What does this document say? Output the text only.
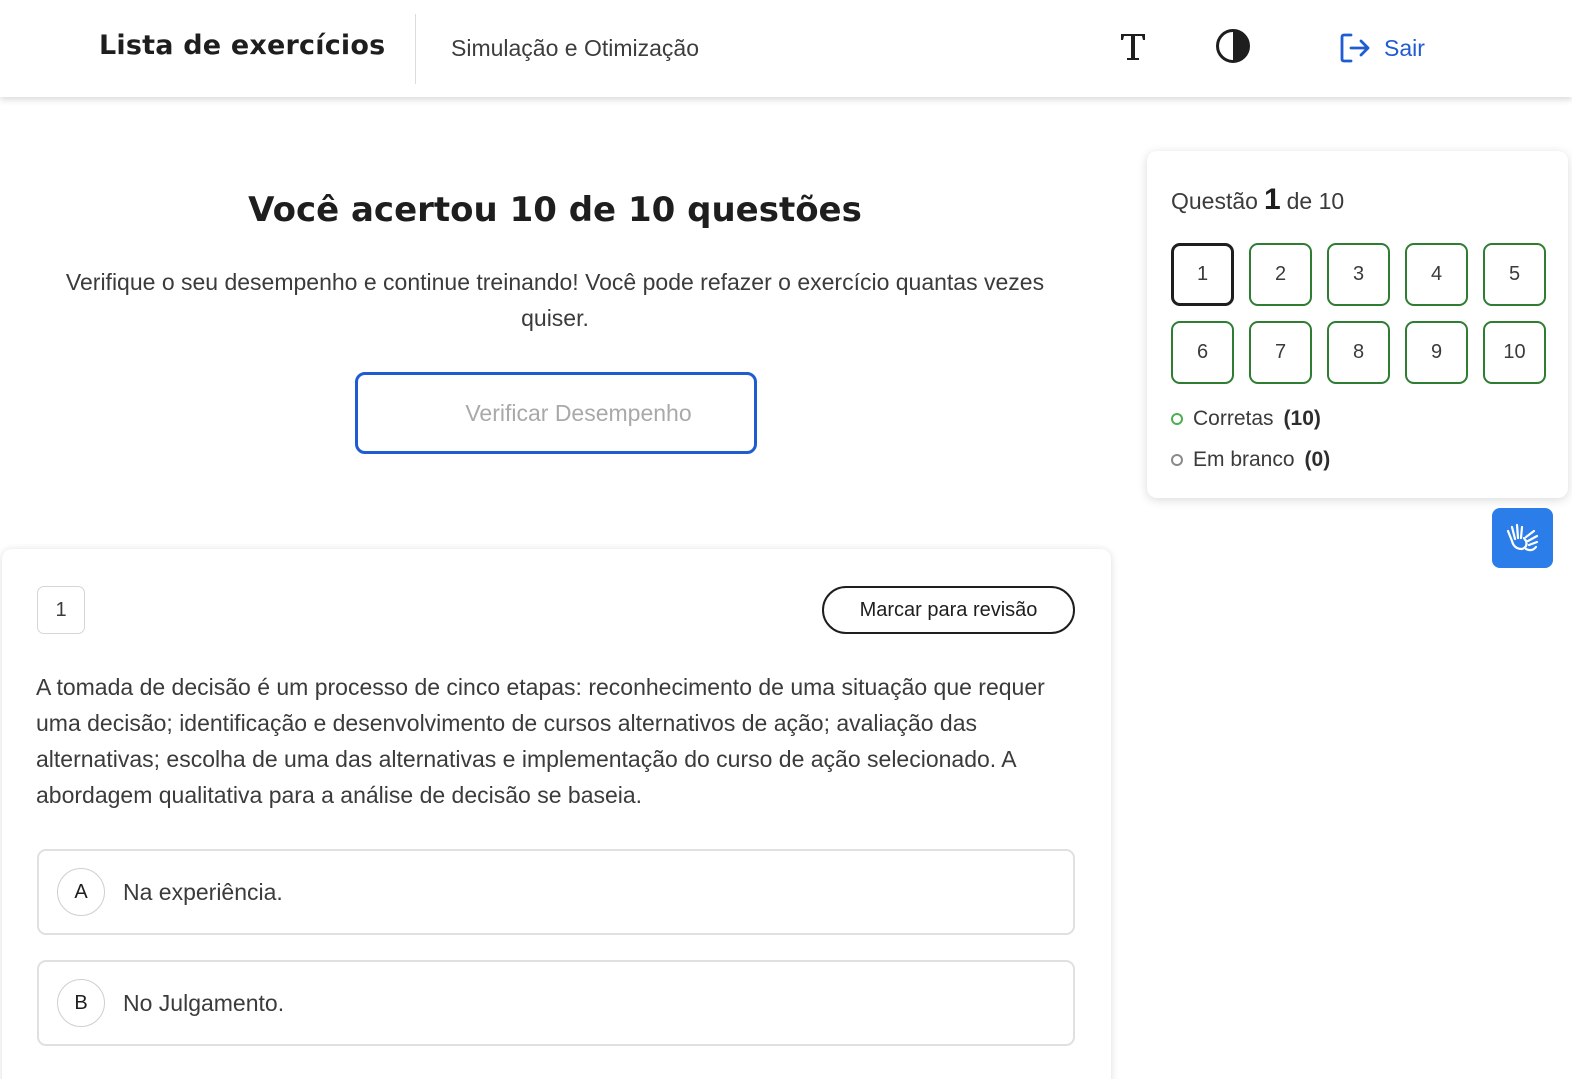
Lista de exercícios	Simulação e Otimização	Sair
Você acertou 10 de 10 questões
Verifique o seu desempenho e continue treinando! Você pode refazer o exercício quantas vezes quiser.
Verificar Desempenho
Questão 1 de 10
1	2	3	4	5
6	7	8	9	10
Corretas (10)
Em branco (0)
1	Marcar para revisão
A tomada de decisão é um processo de cinco etapas: reconhecimento de uma situação que requer uma decisão; identificação e desenvolvimento de cursos alternativos de ação; avaliação das alternativas; escolha de uma das alternativas e implementação do curso de ação selecionado. A abordagem qualitativa para a análise de decisão se baseia.
A	Na experiência.
B	No Julgamento.
